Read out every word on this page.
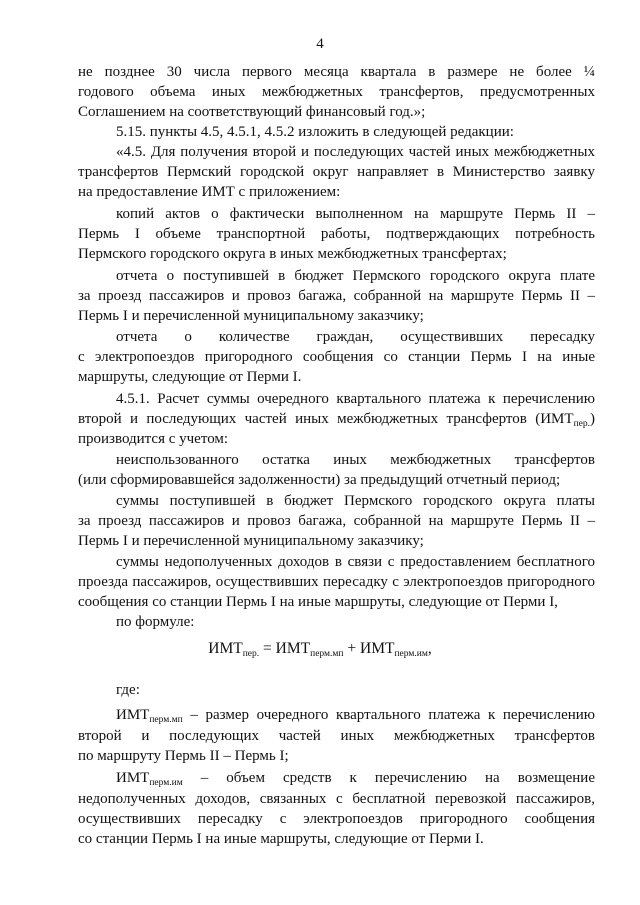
4
не позднее 30 числа первого месяца квартала в размере не более ¼
годового объема иных межбюджетных трансфертов, предусмотренных
Соглашением на соответствующий финансовый год.»;
5.15. пункты 4.5, 4.5.1, 4.5.2 изложить в следующей редакции:
«4.5. Для получения второй и последующих частей иных межбюджетных
трансфертов Пермский городской округ направляет в Министерство заявку
на предоставление ИМТ с приложением:
копий актов о фактически выполненном на маршруте Пермь II –
Пермь I объеме транспортной работы, подтверждающих потребность
Пермского городского округа в иных межбюджетных трансфертах;
отчета о поступившей в бюджет Пермского городского округа плате
за проезд пассажиров и провоз багажа, собранной на маршруте Пермь II –
Пермь I и перечисленной муниципальному заказчику;
отчета о количестве граждан, осуществивших пересадку
с электропоездов пригородного сообщения со станции Пермь I на иные
маршруты, следующие от Перми I.
4.5.1. Расчет суммы очередного квартального платежа к перечислению
второй и последующих частей иных межбюджетных трансфертов $(ИМТ_{пер.})$
производится с учетом:
неиспользованного остатка иных межбюджетных трансфертов
(или сформировавшейся задолженности) за предыдущий отчетный период;
суммы поступившей в бюджет Пермского городского округа платы
за проезд пассажиров и провоз багажа, собранной на маршруте Пермь II –
Пермь I и перечисленной муниципальному заказчику;
суммы недополученных доходов в связи с предоставлением бесплатного
проезда пассажиров, осуществивших пересадку с электропоездов пригородного
сообщения со станции Пермь I на иные маршруты, следующие от Перми I,
по формуле:
$ИМТ_{пер.} = ИМТ_{перм.мп} + ИМТ_{перм.им}$,
где:
$ИМТ_{перм.мп}$ – размер очередного квартального платежа к перечислению
второй и последующих частей иных межбюджетных трансфертов
по маршруту Пермь II – Пермь I;
$ИМТ_{перм.им}$ – объем средств к перечислению на возмещение
недополученных доходов, связанных с бесплатной перевозкой пассажиров,
осуществивших пересадку с электропоездов пригородного сообщения
со станции Пермь I на иные маршруты, следующие от Перми I.
